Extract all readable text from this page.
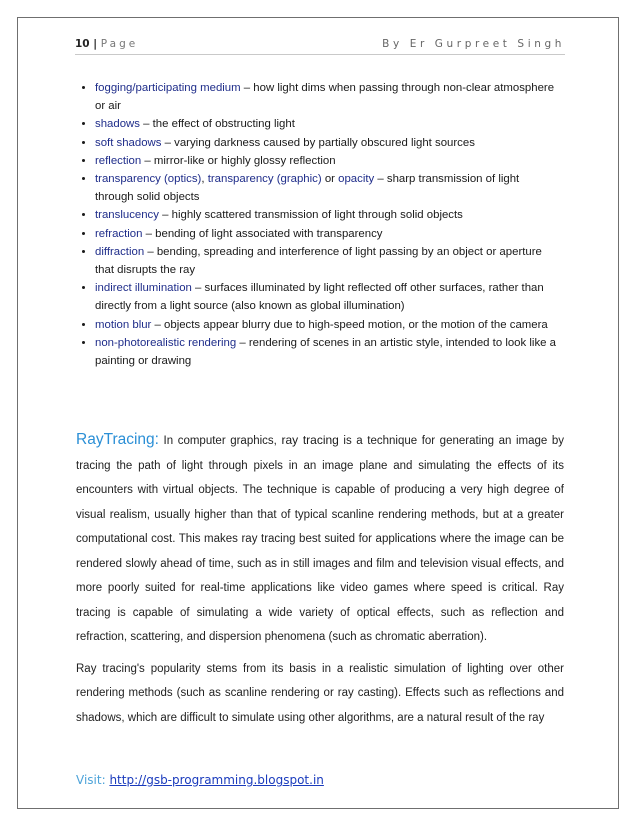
10 | Page	By Er Gurpreet Singh
• fogging/participating medium – how light dims when passing through non-clear atmosphere or air
• shadows – the effect of obstructing light
• soft shadows – varying darkness caused by partially obscured light sources
• reflection – mirror-like or highly glossy reflection
• transparency (optics), transparency (graphic) or opacity – sharp transmission of light through solid objects
• translucency – highly scattered transmission of light through solid objects
• refraction – bending of light associated with transparency
• diffraction – bending, spreading and interference of light passing by an object or aperture that disrupts the ray
• indirect illumination – surfaces illuminated by light reflected off other surfaces, rather than directly from a light source (also known as global illumination)
• motion blur – objects appear blurry due to high-speed motion, or the motion of the camera
• non-photorealistic rendering – rendering of scenes in an artistic style, intended to look like a painting or drawing

RayTracing: In computer graphics, ray tracing is a technique for generating an image by tracing the path of light through pixels in an image plane and simulating the effects of its encounters with virtual objects. The technique is capable of producing a very high degree of visual realism, usually higher than that of typical scanline rendering methods, but at a greater computational cost. This makes ray tracing best suited for applications where the image can be rendered slowly ahead of time, such as in still images and film and television visual effects, and more poorly suited for real-time applications like video games where speed is critical. Ray tracing is capable of simulating a wide variety of optical effects, such as reflection and refraction, scattering, and dispersion phenomena (such as chromatic aberration).

Ray tracing's popularity stems from its basis in a realistic simulation of lighting over other rendering methods (such as scanline rendering or ray casting). Effects such as reflections and shadows, which are difficult to simulate using other algorithms, are a natural result of the ray

Visit: http://gsb-programming.blogspot.in
